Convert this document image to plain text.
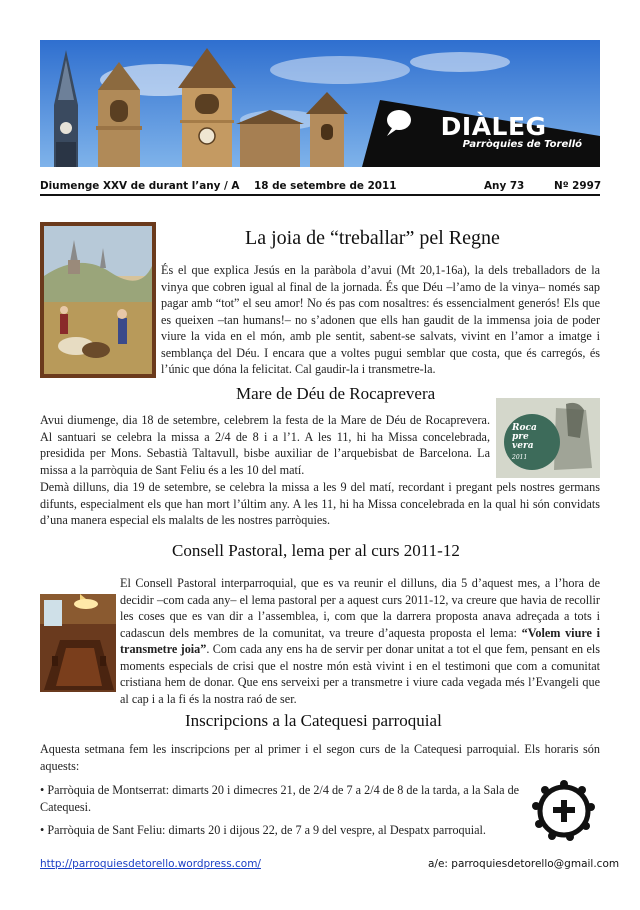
DIÀLEG
Parròquies de Torelló
Diumenge XXV de durant l’any / A 18 de setembre de 2011	Any 73	Nº 2997
La joia de “treballar” pel Regne

És el que explica Jesús en la paràbola d’avui (Mt 20,1-16a), la dels treballadors de la vinya que cobren igual al final de la jornada. És que Déu –l’amo de la vinya– només sap pagar amb “tot” el seu amor! No és pas com nosaltres: és essencialment generós! Els que es queixen –tan humans!– no s’adonen que ells han gaudit de la immensa joia de poder viure la vida en el món, amb ple sentit, sabent-se salvats, vivint en l’amor a imatge i semblança del Déu. I encara que a voltes pugui semblar que costa, que és carregós, és l’únic que dóna la felicitat. Cal gaudir-la i transmetre-la.

Mare de Déu de Rocaprevera

Avui diumenge, dia 18 de setembre, celebrem la festa de la Mare de Déu de Rocaprevera. Al santuari se celebra la missa a 2/4 de 8 i a l’1. A les 11, hi ha Missa concelebrada, presidida per Mons. Sebastià Taltavull, bisbe auxiliar de l’arquebisbat de Barcelona. La missa a la parròquia de Sant Feliu és a les 10 del matí.

Demà dilluns, dia 19 de setembre, se celebra la missa a les 9 del matí, recordant i pregant pels nostres germans difunts, especialment els que han mort l’últim any. A les 11, hi ha Missa concelebrada en la qual hi són convidats d’una manera especial els malalts de les nostres parròquies.

Roca
pre
vera
2011
Consell Pastoral, lema per al curs 2011-12

El Consell Pastoral interparroquial, que es va reunir el dilluns, dia 5 d’aquest mes, a l’hora de decidir –com cada any– el lema pastoral per a aquest curs 2011-12, va creure que havia de recollir les coses que es van dir a l’assemblea, i, com que la darrera proposta anava adreçada a tots i cadascun dels membres de la comunitat, va treure d’aquesta proposta el lema: “Volem viure i transmetre joia”. Com cada any ens ha de servir per donar unitat a tot el que fem, pensant en els moments especials de crisi que el nostre món està vivint i en el testimoni que com a comunitat cristiana hem de donar. Que ens serveixi per a transmetre i viure cada vegada més l’Evangeli que al cap i a la fi és la nostra raó de ser.

Inscripcions a la Catequesi parroquial

Aquesta setmana fem les inscripcions per al primer i el segon curs de la Catequesi parroquial. Els horaris són aquests:

• Parròquia de Montserrat: dimarts 20 i dimecres 21, de 2/4 de 7 a 2/4 de 8 de la tarda, a la Sala de Catequesi.

• Parròquia de Sant Feliu: dimarts 20 i dijous 22, de 7 a 9 del vespre, al Despatx parroquial.

http://parroquiesdetorello.wordpress.com/	a/e: parroquiesdetorello@gmail.com
